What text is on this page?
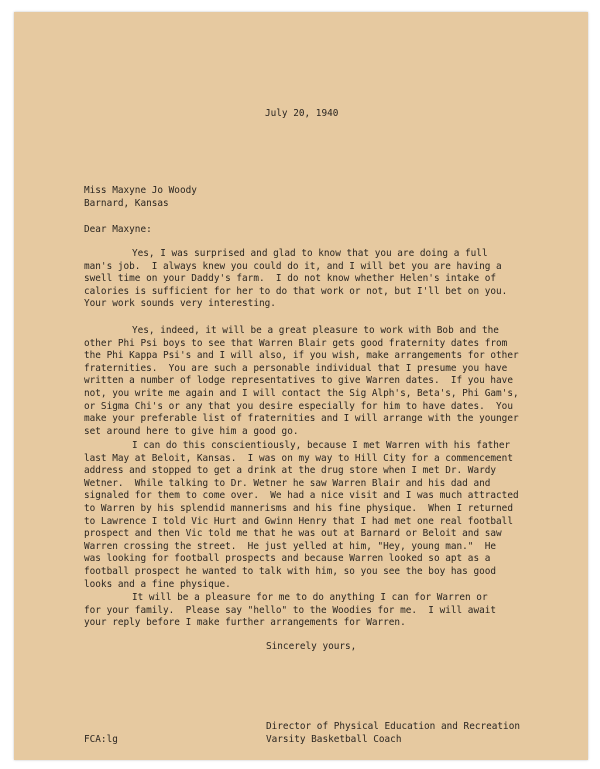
July 20, 1940

Miss Maxyne Jo Woody

Barnard, Kansas

Dear Maxyne:

Yes, I was surprised and glad to know that you are doing a full

man's job.  I always knew you could do it, and I will bet you are having a

swell time on your Daddy's farm.  I do not know whether Helen's intake of

calories is sufficient for her to do that work or not, but I'll bet on you.

Your work sounds very interesting.

Yes, indeed, it will be a great pleasure to work with Bob and the

other Phi Psi boys to see that Warren Blair gets good fraternity dates from

the Phi Kappa Psi's and I will also, if you wish, make arrangements for other

fraternities.  You are such a personable individual that I presume you have

written a number of lodge representatives to give Warren dates.  If you have

not, you write me again and I will contact the Sig Alph's, Beta's, Phi Gam's,

or Sigma Chi's or any that you desire especially for him to have dates.  You

make your preferable list of fraternities and I will arrange with the younger

set around here to give him a good go.

I can do this conscientiously, because I met Warren with his father

last May at Beloit, Kansas.  I was on my way to Hill City for a commencement

address and stopped to get a drink at the drug store when I met Dr. Wardy

Wetner.  While talking to Dr. Wetner he saw Warren Blair and his dad and

signaled for them to come over.  We had a nice visit and I was much attracted

to Warren by his splendid mannerisms and his fine physique.  When I returned

to Lawrence I told Vic Hurt and Gwinn Henry that I had met one real football

prospect and then Vic told me that he was out at Barnard or Beloit and saw

Warren crossing the street.  He just yelled at him, "Hey, young man."  He

was looking for football prospects and because Warren looked so apt as a

football prospect he wanted to talk with him, so you see the boy has good

looks and a fine physique.

It will be a pleasure for me to do anything I can for Warren or

for your family.  Please say "hello" to the Woodies for me.  I will await

your reply before I make further arrangements for Warren.

Sincerely yours,

FCA:lg

Director of Physical Education and Recreation

Varsity Basketball Coach
